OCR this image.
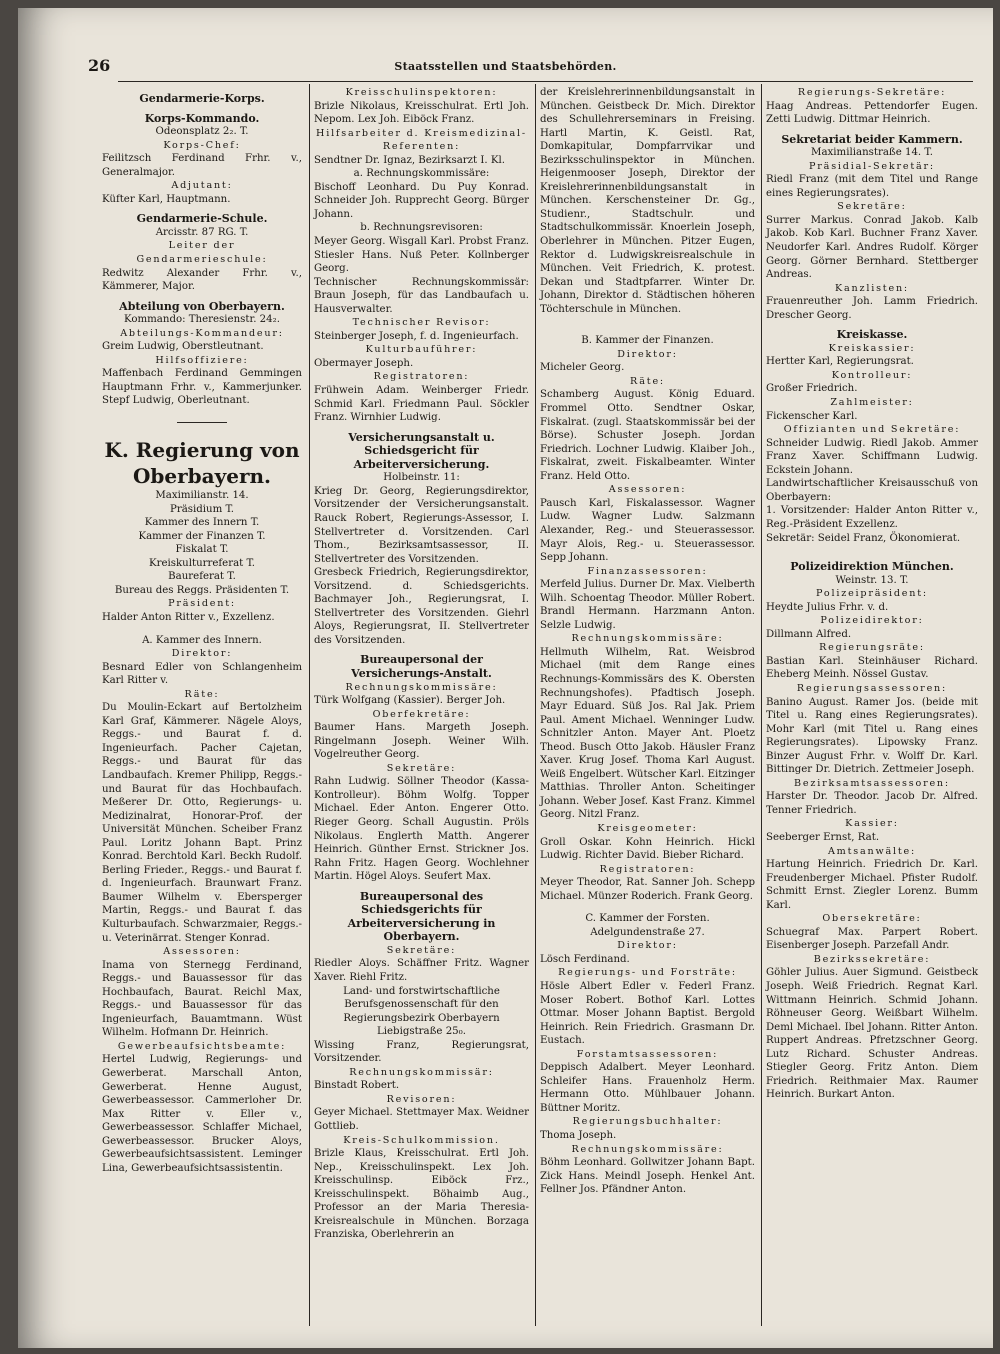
26	Staatsstellen und Staatsbehörden.

Gendarmerie-Korps.

Korps-Kommando.

Odeonsplatz 2₂. T.

Korps-Chef:

Feilitzsch Ferdinand Frhr. v., Generalmajor.

Adjutant:

Küfter Karl, Hauptmann.

Gendarmerie-Schule.

Arcisstr. 87 RG. T.

Leiter der Gendarmerieschule:

Redwitz Alexander Frhr. v., Kämmerer, Major.

Abteilung von Oberbayern.

Kommando: Theresienstr. 24₂.

Abteilungs-Kommandeur:

Greim Ludwig, Oberstleutnant.

Hilfsoffiziere:

Maffenbach Ferdinand Gemmingen Hauptmann Frhr. v., Kammerjunker. Stepf Ludwig, Oberleutnant.

K. Regierung von Oberbayern.

Maximilianstr. 14.

Präsidium T.

Kammer des Innern T.

Kammer der Finanzen T.

Fiskalat T.

Kreiskulturreferat T.

Baureferat T.

Bureau des Reggs. Präsidenten T.

Präsident:

Halder Anton Ritter v., Exzellenz.

A. Kammer des Innern.

Direktor:

Besnard Edler von Schlangenheim Karl Ritter v.

Räte:

Du Moulin-Eckart auf Bertolzheim Karl Graf, Kämmerer. Nägele Aloys, Reggs.- und Baurat f. d. Ingenieurfach. Pacher Cajetan, Reggs.- und Baurat für das Landbaufach. Kremer Philipp, Reggs.- und Baurat für das Hochbaufach. Meßerer Dr. Otto, Regierungs- u. Medizinalrat, Honorar-Prof. der Universität München. Scheiber Franz Paul. Loritz Johann Bapt. Prinz Konrad. Berchtold Karl. Beckh Rudolf. Berling Frieder., Reggs.- und Baurat f. d. Ingenieurfach. Braunwart Franz. Baumer Wilhelm v. Ebersperger Martin, Reggs.- und Baurat f. das Kulturbaufach. Schwarzmaier, Reggs.- u. Veterinärrat. Stenger Konrad.

Assessoren:

Inama von Sternegg Ferdinand, Reggs.- und Bauassessor für das Hochbaufach, Baurat. Reichl Max, Reggs.- und Bauassessor für das Ingenieurfach, Bauamtmann. Wüst Wilhelm. Hofmann Dr. Heinrich.

Gewerbeaufsichtsbeamte:

Hertel Ludwig, Regierungs- und Gewerberat. Marschall Anton, Gewerberat. Henne August, Gewerbeassessor. Cammerloher Dr. Max Ritter v. Eller v., Gewerbeassessor. Schlaffer Michael, Gewerbeassessor. Brucker Aloys, Gewerbeaufsichtsassistent. Leminger Lina, Gewerbeaufsichtsassistentin.

Kreisschulinspektoren:

Brizle Nikolaus, Kreisschulrat. Ertl Joh. Nepom. Lex Joh. Eiböck Franz.

Hilfsarbeiter d. Kreismedizinal-Referenten:

Sendtner Dr. Ignaz, Bezirksarzt I. Kl.

a. Rechnungskommissäre:

Bischoff Leonhard. Du Puy Konrad. Schneider Joh. Rupprecht Georg. Bürger Johann.

b. Rechnungsrevisoren:

Meyer Georg. Wisgall Karl. Probst Franz. Stiesler Hans. Nuß Peter. Kollnberger Georg.

Technischer Rechnungskommissär: Braun Joseph, für das Landbaufach u. Hausverwalter.

Technischer Revisor:

Steinberger Joseph, f. d. Ingenieurfach.

Kulturbauführer:

Obermayer Joseph.

Registratoren:

Frühwein Adam. Weinberger Friedr. Schmid Karl. Friedmann Paul. Söckler Franz. Wirnhier Ludwig.

Versicherungsanstalt u. Schiedsgericht für Arbeiterversicherung.

Holbeinstr. 11:

Krieg Dr. Georg, Regierungsdirektor, Vorsitzender der Versicherungsanstalt. Rauck Robert, Regierungs-Assessor, I. Stellvertreter d. Vorsitzenden. Carl Thom., Bezirksamtsassessor, II. Stellvertreter des Vorsitzenden.

Gresbeck Friedrich, Regierungsdirektor, Vorsitzend. d. Schiedsgerichts. Bachmayer Joh., Regierungsrat, I. Stellvertreter des Vorsitzenden. Giehrl Aloys, Regierungsrat, II. Stellvertreter des Vorsitzenden.

Bureaupersonal der Versicherungs-Anstalt.

Rechnungskommissäre:

Türk Wolfgang (Kassier). Berger Joh.

Oberfekretäre:

Baumer Hans. Margeth Joseph. Ringelmann Joseph. Weiner Wilh. Vogelreuther Georg.

Sekretäre:

Rahn Ludwig. Söllner Theodor (Kassa-Kontrolleur). Böhm Wolfg. Topper Michael. Eder Anton. Engerer Otto. Rieger Georg. Schall Augustin. Pröls Nikolaus. Englerth Matth. Angerer Heinrich. Günther Ernst. Strickner Jos. Rahn Fritz. Hagen Georg. Wochlehner Martin. Högel Aloys. Seufert Max.

Bureaupersonal des Schiedsgerichts für Arbeiterversicherung in Oberbayern.

Sekretäre:

Riedler Aloys. Schäffner Fritz. Wagner Xaver. Riehl Fritz.

Land- und forstwirtschaftliche Berufsgenossenschaft für den Regierungsbezirk Oberbayern

Liebigstraße 25₀.

Wissing Franz, Regierungsrat, Vorsitzender.

Rechnungskommissär:

Binstadt Robert.

Revisoren:

Geyer Michael. Stettmayer Max. Weidner Gottlieb.

Kreis-Schulkommission.

Brizle Klaus, Kreisschulrat. Ertl Joh. Nep., Kreisschulinspekt. Lex Joh. Kreisschulinsp. Eiböck Frz., Kreisschulinspekt. Böhaimb Aug., Professor an der Maria Theresia-Kreisrealschule in München. Borzaga Franziska, Oberlehrerin an

der Kreislehrerinnenbildungsanstalt in München. Geistbeck Dr. Mich. Direktor des Schullehrerseminars in Freising. Hartl Martin, K. Geistl. Rat, Domkapitular, Dompfarrvikar und Bezirksschulinspektor in München. Heigenmooser Joseph, Direktor der Kreislehrerinnenbildungsanstalt in München. Kerschensteiner Dr. Gg., Studienr., Stadtschulr. und Stadtschulkommissär. Knoerlein Joseph, Oberlehrer in München. Pitzer Eugen, Rektor d. Ludwigskreisrealschule in München. Veit Friedrich, K. protest. Dekan und Stadtpfarrer. Winter Dr. Johann, Direktor d. Städtischen höheren Töchterschule in München.

B. Kammer der Finanzen.

Direktor:

Micheler Georg.

Räte:

Schamberg August. König Eduard. Frommel Otto. Sendtner Oskar, Fiskalrat. (zugl. Staatskommissär bei der Börse). Schuster Joseph. Jordan Friedrich. Lochner Ludwig. Klaiber Joh., Fiskalrat, zweit. Fiskalbeamter. Winter Franz. Held Otto.

Assessoren:

Pausch Karl, Fiskalassessor. Wagner Ludw. Wagner Ludw. Salzmann Alexander, Reg.- und Steuerassessor. Mayr Alois, Reg.- u. Steuerassessor. Sepp Johann.

Finanzassessoren:

Merfeld Julius. Durner Dr. Max. Vielberth Wilh. Schoentag Theodor. Müller Robert. Brandl Hermann. Harzmann Anton. Selzle Ludwig.

Rechnungskommissäre:

Hellmuth Wilhelm, Rat. Weisbrod Michael (mit dem Range eines Rechnungs-Kommissärs des K. Obersten Rechnungshofes). Pfadtisch Joseph. Mayr Eduard. Süß Jos. Ral Jak. Priem Paul. Ament Michael. Wenninger Ludw. Schnitzler Anton. Mayer Ant. Ploetz Theod. Busch Otto Jakob. Häusler Franz Xaver. Krug Josef. Thoma Karl August. Weiß Engelbert. Wütscher Karl. Eitzinger Matthias. Throller Anton. Scheitinger Johann. Weber Josef. Kast Franz. Kimmel Georg. Nitzl Franz.

Kreisgeometer:

Groll Oskar. Kohn Heinrich. Hickl Ludwig. Richter David. Bieber Richard.

Registratoren:

Meyer Theodor, Rat. Sanner Joh. Schepp Michael. Münzer Roderich. Frank Georg.

C. Kammer der Forsten.

Adelgundenstraße 27.

Direktor:

Lösch Ferdinand.

Regierungs- und Forsträte:

Hösle Albert Edler v. Federl Franz. Moser Robert. Bothof Karl. Lottes Ottmar. Moser Johann Baptist. Bergold Heinrich. Rein Friedrich. Grasmann Dr. Eustach.

Forstamtsassessoren:

Deppisch Adalbert. Meyer Leonhard. Schleifer Hans. Frauenholz Herm. Hermann Otto. Mühlbauer Johann. Büttner Moritz.

Regierungsbuchhalter:

Thoma Joseph.

Rechnungskommissäre:

Böhm Leonhard. Gollwitzer Johann Bapt. Zick Hans. Meindl Joseph. Henkel Ant. Fellner Jos. Pfändner Anton.

Regierungs-Sekretäre:

Haag Andreas. Pettendorfer Eugen. Zetti Ludwig. Dittmar Heinrich.

Sekretariat beider Kammern.

Maximilianstraße 14. T.

Präsidial-Sekretär:

Riedl Franz (mit dem Titel und Range eines Regierungsrates).

Sekretäre:

Surrer Markus. Conrad Jakob. Kalb Jakob. Kob Karl. Buchner Franz Xaver. Neudorfer Karl. Andres Rudolf. Körger Georg. Görner Bernhard. Stettberger Andreas.

Kanzlisten:

Frauenreuther Joh. Lamm Friedrich. Drescher Georg.

Kreiskasse.

Kreiskassier:

Hertter Karl, Regierungsrat.

Kontrolleur:

Großer Friedrich.

Zahlmeister:

Fickenscher Karl.

Offizianten und Sekretäre:

Schneider Ludwig. Riedl Jakob. Ammer Franz Xaver. Schiffmann Ludwig. Eckstein Johann.

Landwirtschaftlicher Kreisausschuß von Oberbayern:

1. Vorsitzender: Halder Anton Ritter v., Reg.-Präsident Exzellenz.

Sekretär: Seidel Franz, Ökonomierat.

Polizeidirektion München.

Weinstr. 13. T.

Polizeipräsident:

Heydte Julius Frhr. v. d.

Polizeidirektor:

Dillmann Alfred.

Regierungsräte:

Bastian Karl. Steinhäuser Richard. Eheberg Meinh. Nössel Gustav.

Regierungsassessoren:

Banino August. Ramer Jos. (beide mit Titel u. Rang eines Regierungsrates). Mohr Karl (mit Titel u. Rang eines Regierungsrates). Lipowsky Franz. Binzer August Frhr. v. Wolff Dr. Karl. Bittinger Dr. Dietrich. Zettmeier Joseph.

Bezirksamtsassessoren:

Harster Dr. Theodor. Jacob Dr. Alfred. Tenner Friedrich.

Kassier:

Seeberger Ernst, Rat.

Amtsanwälte:

Hartung Heinrich. Friedrich Dr. Karl. Freudenberger Michael. Pfister Rudolf. Schmitt Ernst. Ziegler Lorenz. Bumm Karl.

Obersekretäre:

Schuegraf Max. Parpert Robert. Eisenberger Joseph. Parzefall Andr.

Bezirkssekretäre:

Göhler Julius. Auer Sigmund. Geistbeck Joseph. Weiß Friedrich. Regnat Karl. Wittmann Heinrich. Schmid Johann. Röhneuser Georg. Weißbart Wilhelm. Deml Michael. Ibel Johann. Ritter Anton. Ruppert Andreas. Pfretzschner Georg. Lutz Richard. Schuster Andreas. Stiegler Georg. Fritz Anton. Diem Friedrich. Reithmaier Max. Raumer Heinrich. Burkart Anton.
